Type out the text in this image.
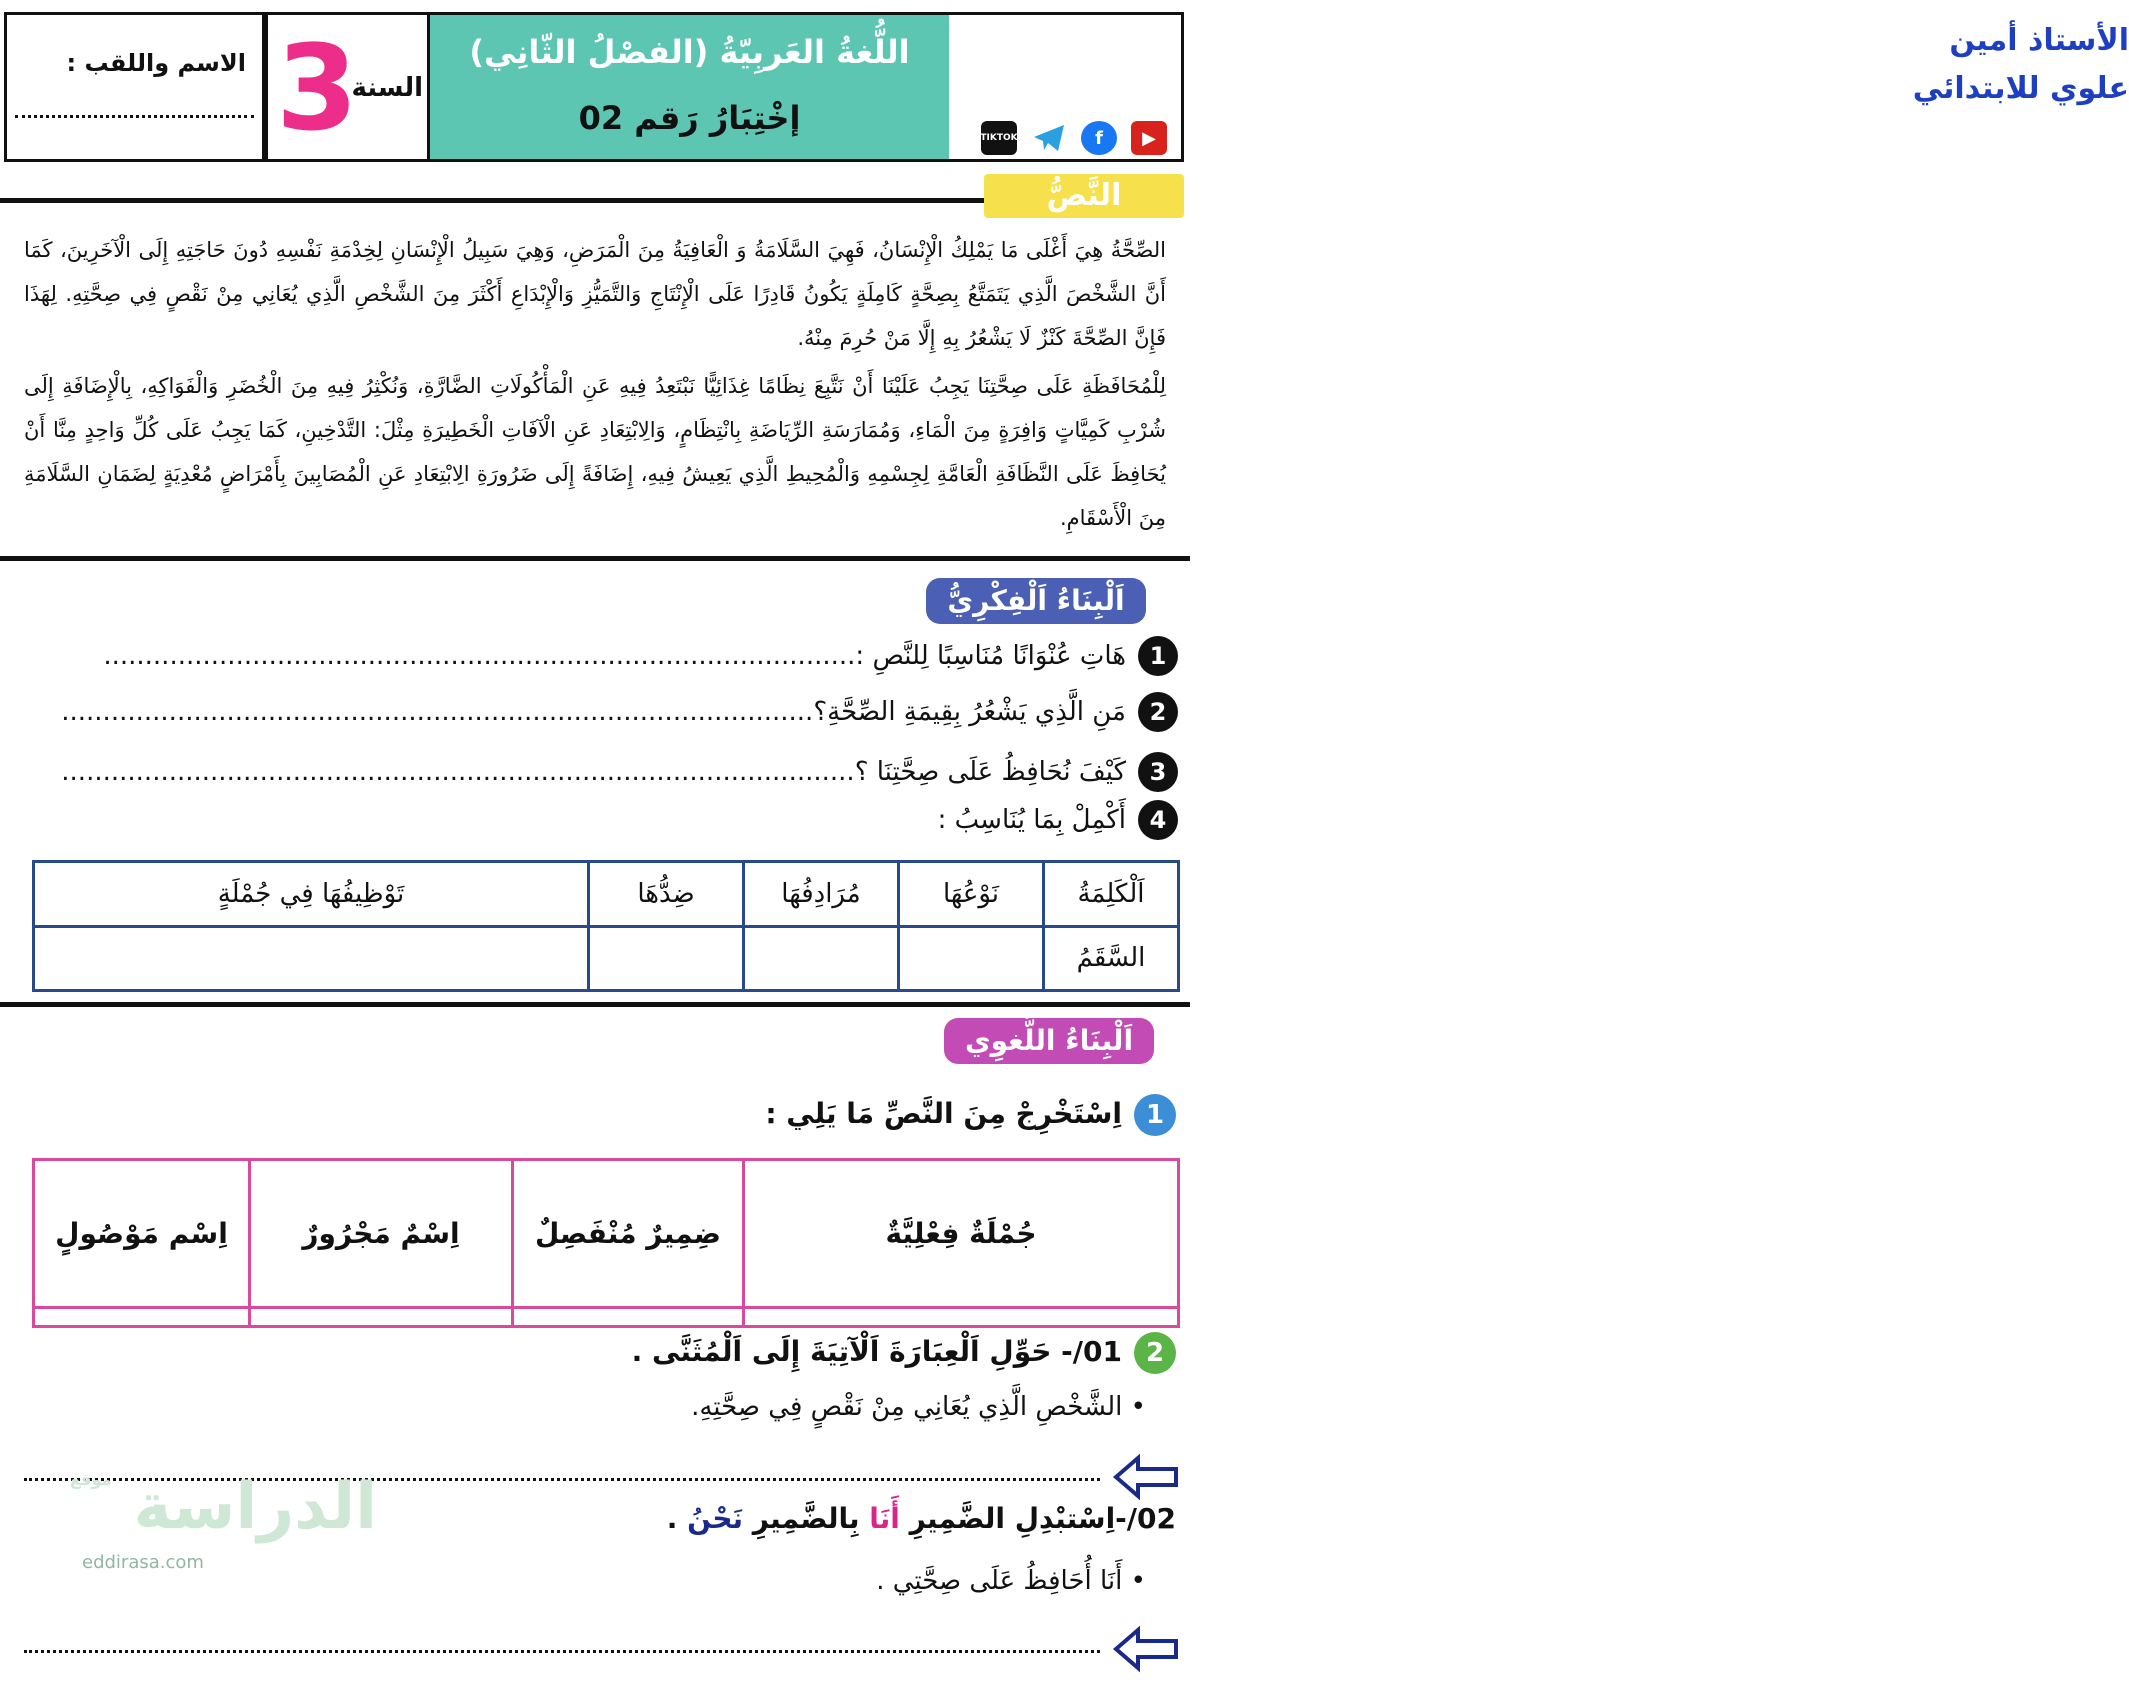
الأستاذ أمين
علوي للابتدائي
TIKTOK	f	▶
اللُّغةُ العَربِيّةُ (الفصْلُ الثّانِي)
إخْتِبَارُ رَقم 02
3
السنة
الاسم واللقب :
النَّصُّ
الصِّحَّةُ هِيَ أَغْلَى مَا يَمْلِكُ الْإِنْسَانُ، فَهِيَ السَّلَامَةُ وَ الْعَافِيَةُ مِنَ الْمَرَضِ، وَهِيَ سَبِيلُ الْإِنْسَانِ لِخِدْمَةِ نَفْسِهِ دُونَ حَاجَتِهِ إِلَى الْآخَرِينَ، كَمَا أَنَّ الشَّخْصَ الَّذِي يَتَمَتَّعُ بِصِحَّةٍ كَامِلَةٍ يَكُونُ قَادِرًا عَلَى الْإِنْتَاجِ وَالتَّمَيُّزِ وَالْإِبْدَاعِ أَكْثَرَ مِنَ الشَّخْصِ الَّذِي يُعَانِي مِنْ نَقْصٍ فِي صِحَّتِهِ. لِهَذَا فَإِنَّ الصِّحَّةَ كَنْزٌ لَا يَشْعُرُ بِهِ إِلَّا مَنْ حُرِمَ مِنْهُ.
لِلْمُحَافَظَةِ عَلَى صِحَّتِنَا يَجِبُ عَلَيْنَا أَنْ نَتَّبِعَ نِظَامًا غِذَائِيًّا نَبْتَعِدُ فِيهِ عَنِ الْمَأْكُولَاتِ الضَّارَّةِ، وَنُكْثِرُ فِيهِ مِنَ الْخُضَرِ وَالْفَوَاكِهِ، بِالْإِضَافَةِ إِلَى شُرْبِ كَمِيَّاتٍ وَافِرَةٍ مِنَ الْمَاءِ، وَمُمَارَسَةِ الرِّيَاضَةِ بِانْتِظَامٍ، وَالِابْتِعَادِ عَنِ الْآفَاتِ الْخَطِيرَةِ مِثْلَ: التَّدْخِينِ، كَمَا يَجِبُ عَلَى كُلِّ وَاحِدٍ مِنَّا أَنْ يُحَافِظَ عَلَى النَّظَافَةِ الْعَامَّةِ لِجِسْمِهِ وَالْمُحِيطِ الَّذِي يَعِيشُ فِيهِ، إِضَافَةً إِلَى ضَرُورَةِ الِابْتِعَادِ عَنِ الْمُصَابِينَ بِأَمْرَاضٍ مُعْدِيَةٍ لِضَمَانِ السَّلَامَةِ مِنَ الْأَسْقَامِ.
اَلْبِنَاءُ اَلْفِكْرِيُّ
1هَاتِ عُنْوَانًا مُنَاسِبًا لِلنَّصِ :...........................................................................................
2مَنِ الَّذِي يَشْعُرُ بِقِيمَةِ الصِّحَّةِ؟...........................................................................................
3كَيْفَ نُحَافِظُ عَلَى صِحَّتِنَا ؟................................................................................................
4أَكْمِلْ بِمَا يُنَاسِبُ :
اَلْكَلِمَةُ	نَوْعُهَا	مُرَادِفُهَا	ضِدُّهَا	تَوْظِيفُهَا فِي جُمْلَةٍ
السَّقَمُ				
اَلْبِنَاءُ اللُّغوِي
1اِسْتَخْرِجْ مِنَ النَّصِّ مَا يَلِي :
جُمْلَةٌ فِعْلِيَّةٌ	ضِمِيرٌ مُنْفَصِلٌ	اِسْمٌ مَجْرُورٌ	اِسْم مَوْصُولٍ

201/- حَوِّلِ اَلْعِبَارَةَ اَلْآتِيَةَ إِلَى اَلْمُثَنَّى .
• الشَّخْصِ الَّذِي يُعَانِي مِنْ نَقْصٍ فِي صِحَّتِهِ.
02/-اِسْتبْدِلِ الضَّمِيرِ أَنَا بِالضَّمِيرِ نَحْنُ .
• أَنَا أُحَافِظُ عَلَى صِحَّتِي .
الدراسة $^{موقع}$
eddirasa.com
